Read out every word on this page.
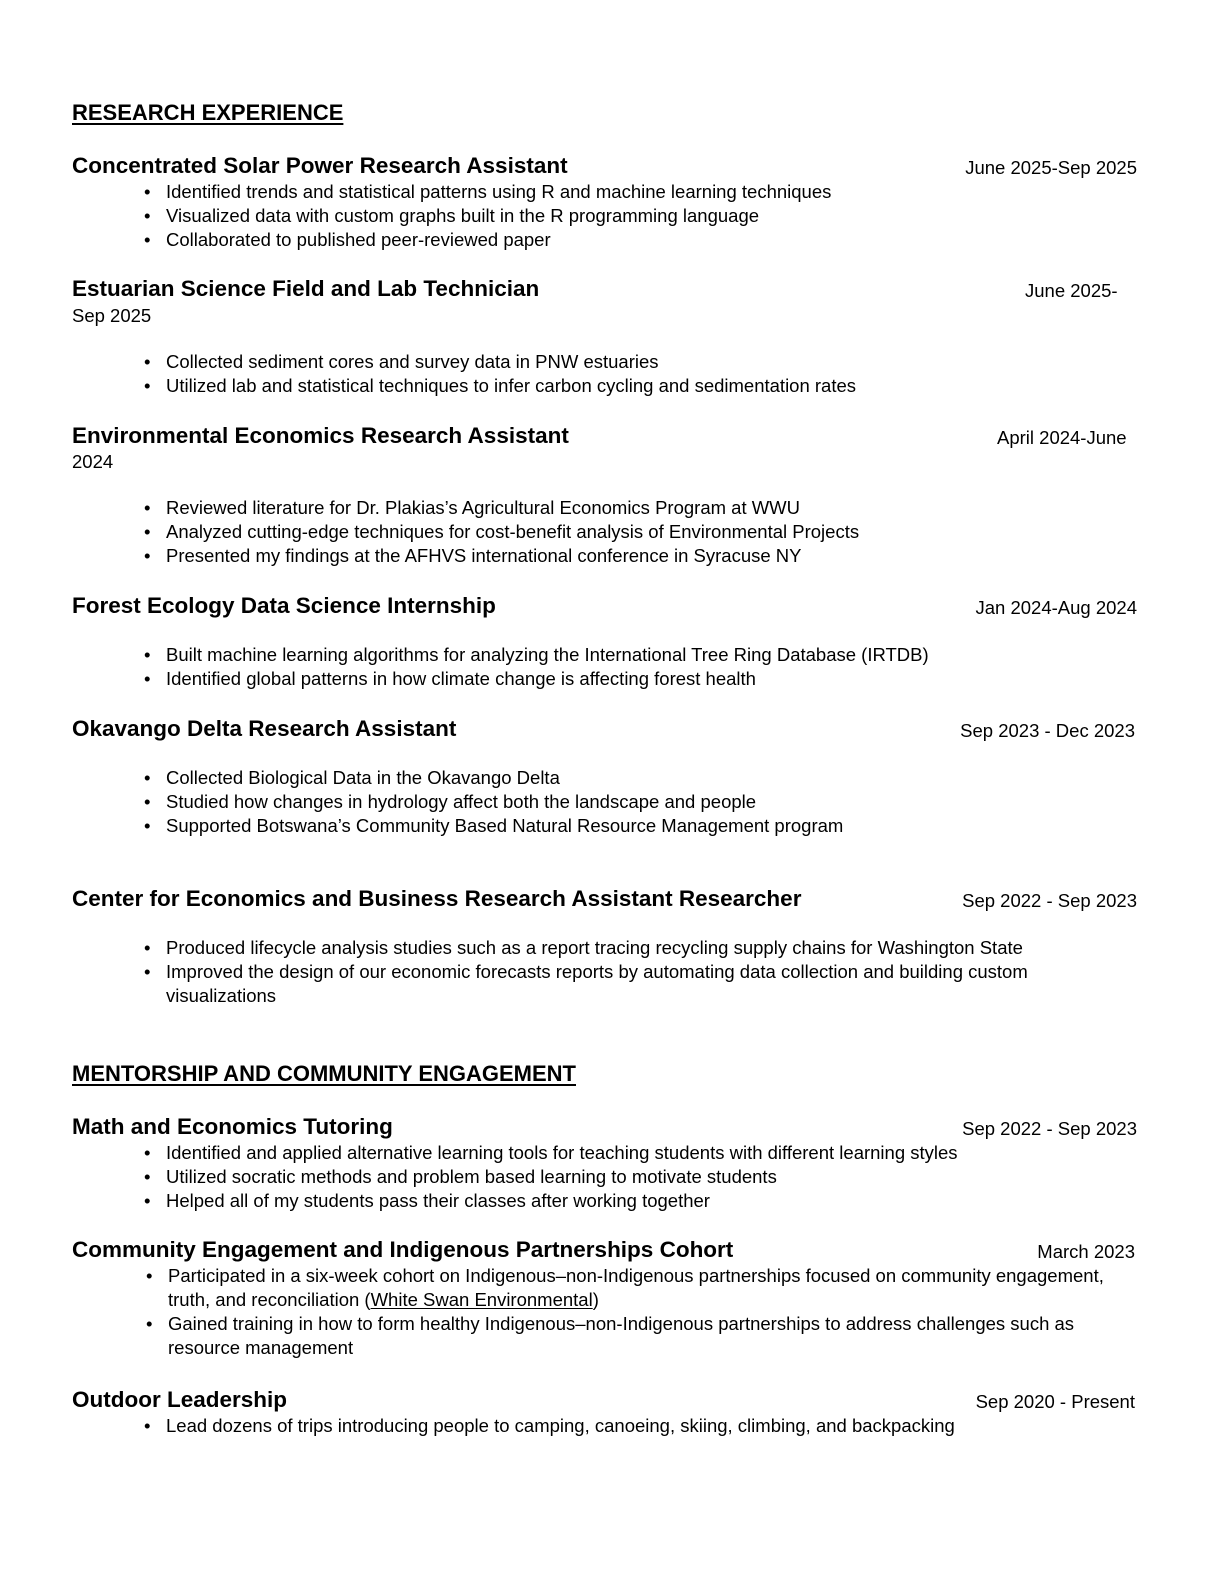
RESEARCH EXPERIENCE
Concentrated Solar Power Research Assistant	June 2025-Sep 2025
• Identified trends and statistical patterns using R and machine learning techniques
• Visualized data with custom graphs built in the R programming language
• Collaborated to published peer-reviewed paper
Estuarian Science Field and Lab Technician	June 2025-
Sep 2025
• Collected sediment cores and survey data in PNW estuaries
• Utilized lab and statistical techniques to infer carbon cycling and sedimentation rates
Environmental Economics Research Assistant	April 2024-June
2024
• Reviewed literature for Dr. Plakias’s Agricultural Economics Program at WWU
• Analyzed cutting-edge techniques for cost-benefit analysis of Environmental Projects
• Presented my findings at the AFHVS international conference in Syracuse NY
Forest Ecology Data Science Internship	Jan 2024-Aug 2024
• Built machine learning algorithms for analyzing the International Tree Ring Database (IRTDB)
• Identified global patterns in how climate change is affecting forest health
Okavango Delta Research Assistant	Sep 2023 - Dec 2023
• Collected Biological Data in the Okavango Delta
• Studied how changes in hydrology affect both the landscape and people
• Supported Botswana’s Community Based Natural Resource Management program
Center for Economics and Business Research Assistant Researcher	Sep 2022 - Sep 2023
• Produced lifecycle analysis studies such as a report tracing recycling supply chains for Washington State
• Improved the design of our economic forecasts reports by automating data collection and building custom visualizations
MENTORSHIP AND COMMUNITY ENGAGEMENT
Math and Economics Tutoring	Sep 2022 - Sep 2023
• Identified and applied alternative learning tools for teaching students with different learning styles
• Utilized socratic methods and problem based learning to motivate students
• Helped all of my students pass their classes after working together
Community Engagement and Indigenous Partnerships Cohort	March 2023
• Participated in a six-week cohort on Indigenous–non-Indigenous partnerships focused on community engagement, truth, and reconciliation (White Swan Environmental)
• Gained training in how to form healthy Indigenous–non-Indigenous partnerships to address challenges such as resource management
Outdoor Leadership	Sep 2020 - Present
• Lead dozens of trips introducing people to camping, canoeing, skiing, climbing, and backpacking
